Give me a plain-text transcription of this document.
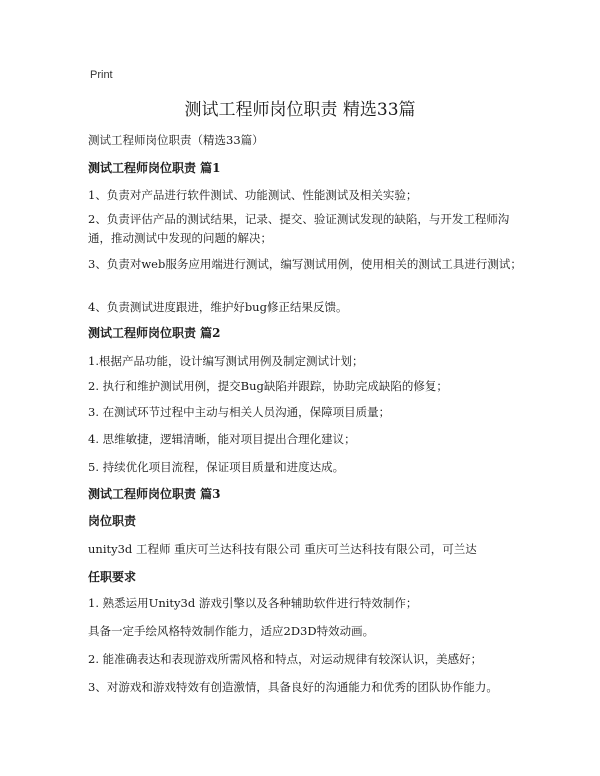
Print
测试工程师岗位职责 精选33篇
测试工程师岗位职责（精选33篇）
测试工程师岗位职责 篇1
1、负责对产品进行软件测试、功能测试、性能测试及相关实验；
2、负责评估产品的测试结果，记录、提交、验证测试发现的缺陷，与开发工程师沟通，推动测试中发现的问题的解决；
3、负责对web服务应用端进行测试，编写测试用例，使用相关的测试工具进行测试；
4、负责测试进度跟进，维护好bug修正结果反馈。
测试工程师岗位职责 篇2
1.根据产品功能，设计编写测试用例及制定测试计划；
2. 执行和维护测试用例，提交Bug缺陷并跟踪，协助完成缺陷的修复；
3. 在测试环节过程中主动与相关人员沟通，保障项目质量；
4. 思维敏捷，逻辑清晰，能对项目提出合理化建议；
5. 持续优化项目流程，保证项目质量和进度达成。
测试工程师岗位职责 篇3
岗位职责
unity3d 工程师 重庆可兰达科技有限公司 重庆可兰达科技有限公司，可兰达
任职要求
1. 熟悉运用Unity3d 游戏引擎以及各种辅助软件进行特效制作；
具备一定手绘风格特效制作能力，适应2D3D特效动画。
2. 能准确表达和表现游戏所需风格和特点，对运动规律有较深认识，美感好；
3、对游戏和游戏特效有创造激情，具备良好的沟通能力和优秀的团队协作能力。
